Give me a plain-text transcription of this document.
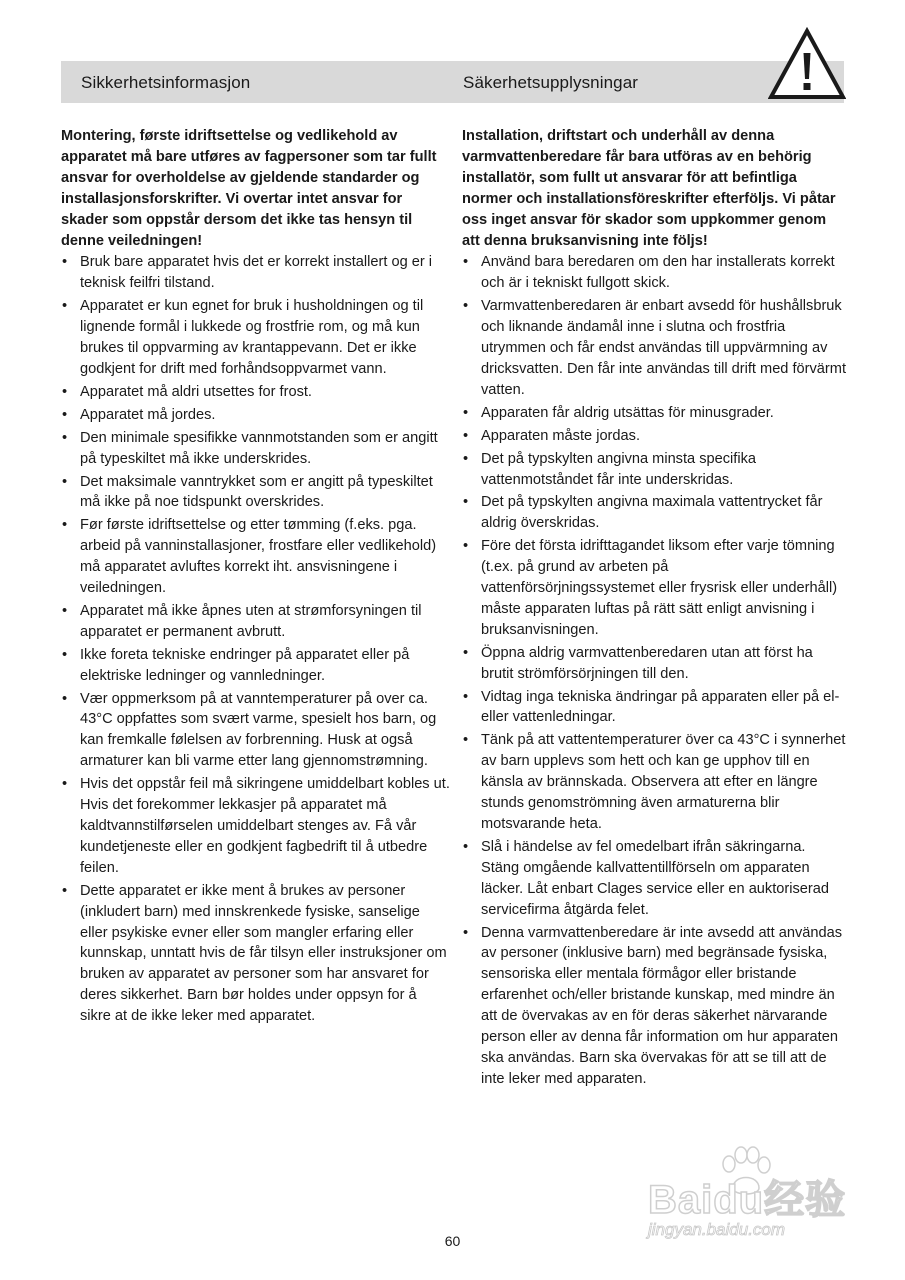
Sikkerhetsinformasjon	Säkerhetsupplysningar

Montering, første idriftsettelse og vedlikehold av apparatet må bare utføres av fagpersoner som tar fullt ansvar for overholdelse av gjeldende standarder og installasjonsforskrifter. Vi overtar intet ansvar for skader som oppstår dersom det ikke tas hensyn til denne veiledningen!

• Bruk bare apparatet hvis det er korrekt installert og er i teknisk feilfri tilstand.
• Apparatet er kun egnet for bruk i husholdningen og til lignende formål i lukkede og frostfrie rom, og må kun brukes til oppvarming av krantappevann. Det er ikke godkjent for drift med forhåndsoppvarmet vann.
• Apparatet må aldri utsettes for frost.
• Apparatet må jordes.
• Den minimale spesifikke vannmotstanden som er angitt på typeskiltet må ikke underskrides.
• Det maksimale vanntrykket som er angitt på typeskiltet må ikke på noe tidspunkt overskrides.
• Før første idriftsettelse og etter tømming (f.eks. pga. arbeid på vanninstallasjoner, frostfare eller vedlikehold) må apparatet avluftes korrekt iht. ansvisningene i veiledningen.
• Apparatet må ikke åpnes uten at strømforsyningen til apparatet er permanent avbrutt.
• Ikke foreta tekniske endringer på apparatet eller på elektriske ledninger og vannledninger.
• Vær oppmerksom på at vanntemperaturer på over ca. 43°C oppfattes som svært varme, spesielt hos barn, og kan fremkalle følelsen av forbrenning. Husk at også armaturer kan bli varme etter lang gjennomstrømning.
• Hvis det oppstår feil må sikringene umiddelbart kobles ut. Hvis det forekommer lekkasjer på apparatet må kaldtvannstilførselen umiddelbart stenges av. Få vår kundetjeneste eller en godkjent fagbedrift til å utbedre feilen.
• Dette apparatet er ikke ment å brukes av personer (inkludert barn) med innskrenkede fysiske, sanselige eller psykiske evner eller som mangler erfaring eller kunnskap, unntatt hvis de får tilsyn eller instruksjoner om bruken av apparatet av personer som har ansvaret for deres sikkerhet. Barn bør holdes under oppsyn for å sikre at de ikke leker med apparatet.

Installation, driftstart och underhåll av denna varmvattenberedare får bara utföras av en behörig installatör, som fullt ut ansvarar för att befintliga normer och installationsföreskrifter efterföljs. Vi påtar oss inget ansvar för skador som uppkommer genom att denna bruksanvisning inte följs!

• Använd bara beredaren om den har installerats korrekt och är i tekniskt fullgott skick.
• Varmvattenberedaren är enbart avsedd för hushållsbruk och liknande ändamål inne i slutna och frostfria utrymmen och får endst användas till uppvärmning av dricksvatten. Den får inte användas till drift med förvärmt vatten.
• Apparaten får aldrig utsättas för minusgrader.
• Apparaten måste jordas.
• Det på typskylten angivna minsta specifika vattenmotståndet får inte underskridas.
• Det på typskylten angivna maximala vattentrycket får aldrig överskridas.
• Före det första idrifttagandet liksom efter varje tömning (t.ex. på grund av arbeten på vattenförsörjningssystemet eller frysrisk eller underhåll) måste apparaten luftas på rätt sätt enligt anvisning i bruksanvisningen.
• Öppna aldrig varmvattenberedaren utan att först ha brutit strömförsörjningen till den.
• Vidtag inga tekniska ändringar på apparaten eller på el- eller vattenledningar.
• Tänk på att vattentemperaturer över ca 43°C i synnerhet av barn upplevs som hett och kan ge upphov till en känsla av brännskada. Observera att efter en längre stunds genomströmning även armaturerna blir motsvarande heta.
• Slå i händelse av fel omedelbart ifrån säkringarna. Stäng omgående kallvattentillförseln om apparaten läcker. Låt enbart Clages service eller en auktoriserad servicefirma åtgärda felet.
• Denna varmvattenberedare är inte avsedd att användas av personer (inklusive barn) med begränsade fysiska, sensoriska eller mentala förmågor eller bristande erfarenhet och/eller bristande kunskap, med mindre än att de övervakas av en för deras säkerhet närvarande person eller av denna får information om hur apparaten ska användas. Barn ska övervakas för att se till att de inte leker med apparaten.
Baidu经验
jingyan.baidu.com
60
